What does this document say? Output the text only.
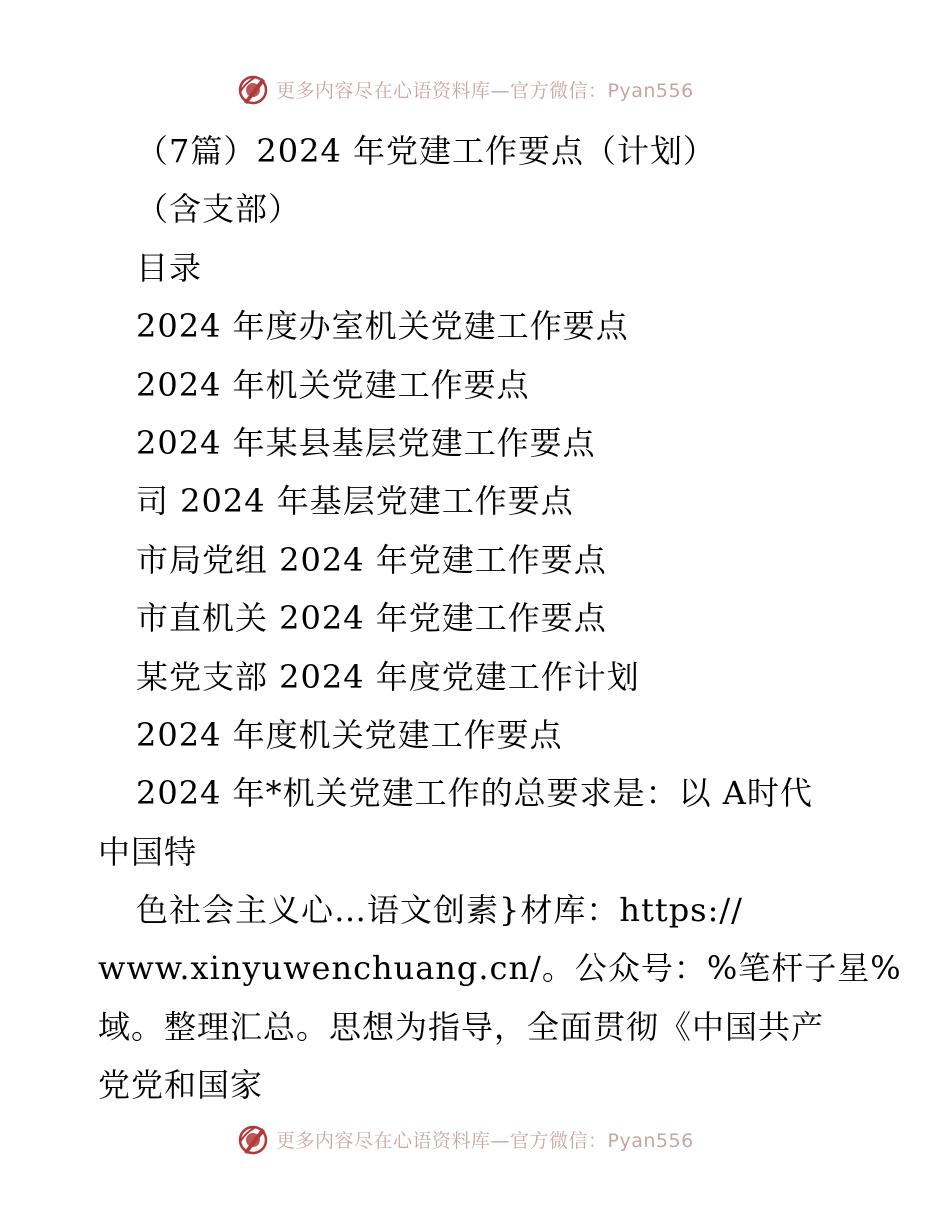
更多内容尽在心语资料库—官方微信：Pyan556
（7篇）2024 年党建工作要点（计划）
（含支部）
目录
2024 年度办室机关党建工作要点
2024 年机关党建工作要点
2024 年某县基层党建工作要点
司 2024 年基层党建工作要点
市局党组 2024 年党建工作要点
市直机关 2024 年党建工作要点
某党支部 2024 年度党建工作计划
2024 年度机关党建工作要点
2024 年*机关党建工作的总要求是：以 A时代
中国特
色社会主义心…语文创素}材库：https://
www.xinyuwenchuang.cn/。公众号：%笔杆子星%
域。整理汇总。思想为指导，全面贯彻《中国共产
党党和国家
更多内容尽在心语资料库—官方微信：Pyan556
